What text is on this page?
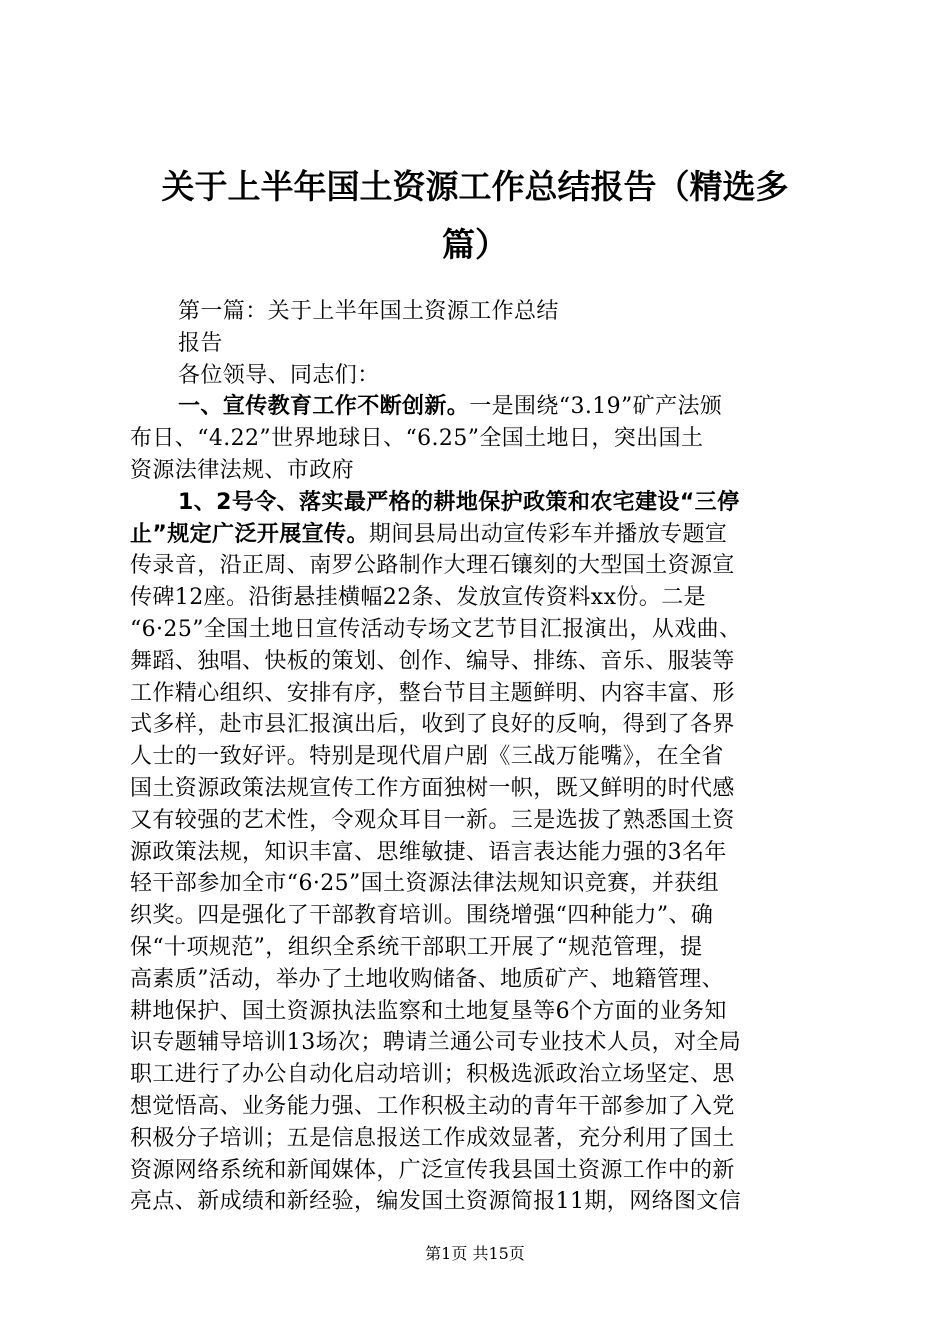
关于上半年国土资源工作总结报告（精选多
篇）
第一篇：关于上半年国土资源工作总结
报告
各位领导、同志们：
一、宣传教育工作不断创新。一是围绕“3.19”矿产法颁
布日、“4.22”世界地球日、“6.25”全国土地日，突出国土
资源法律法规、市政府
1、2号令、落实最严格的耕地保护政策和农宅建设“三停
止”规定广泛开展宣传。期间县局出动宣传彩车并播放专题宣
传录音，沿正周、南罗公路制作大理石镶刻的大型国土资源宣
传碑12座。沿街悬挂横幅22条、发放宣传资料xx份。二是
“6·25”全国土地日宣传活动专场文艺节目汇报演出，从戏曲、
舞蹈、独唱、快板的策划、创作、编导、排练、音乐、服装等
工作精心组织、安排有序，整台节目主题鲜明、内容丰富、形
式多样，赴市县汇报演出后，收到了良好的反响，得到了各界
人士的一致好评。特别是现代眉户剧《三战万能嘴》，在全省
国土资源政策法规宣传工作方面独树一帜，既又鲜明的时代感
又有较强的艺术性，令观众耳目一新。三是选拔了熟悉国土资
源政策法规，知识丰富、思维敏捷、语言表达能力强的3名年
轻干部参加全市“6·25”国土资源法律法规知识竞赛，并获组
织奖。四是强化了干部教育培训。围绕增强“四种能力”、确
保“十项规范”，组织全系统干部职工开展了“规范管理，提
高素质”活动，举办了土地收购储备、地质矿产、地籍管理、
耕地保护、国土资源执法监察和土地复垦等6个方面的业务知
识专题辅导培训13场次；聘请兰通公司专业技术人员，对全局
职工进行了办公自动化启动培训；积极选派政治立场坚定、思
想觉悟高、业务能力强、工作积极主动的青年干部参加了入党
积极分子培训；五是信息报送工作成效显著，充分利用了国土
资源网络系统和新闻媒体，广泛宣传我县国土资源工作中的新
亮点、新成绩和新经验，编发国土资源简报11期，网络图文信
第1页 共15页
